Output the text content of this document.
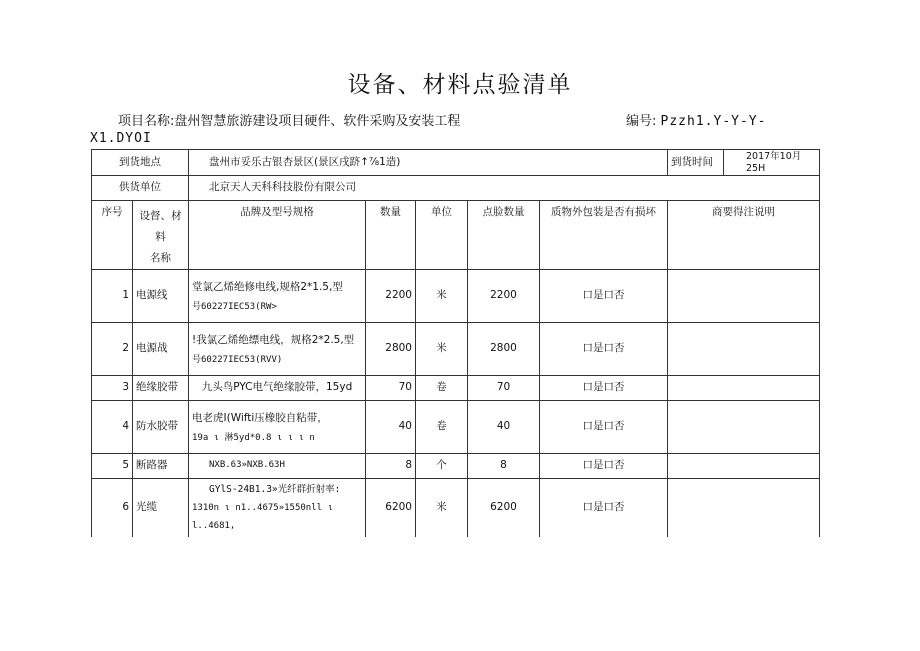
设备、材料点验清单
项目名称:盘州智慧旅游建设项目硬件、软件采购及安装工程	编号: Pzzh1.Y-Y-Y-
X1.DYOI
到货地点		盘州市妥乐古银杏景区(景区戌跻↑⅞1造)					到货时间 2017年10月25H

供货单位		北京天人天科科技股份有限公司					
序号	设督、材料
名称	品牌及型号规格	数量	单位	点脸数量	质物外包装是否有损坏	商要得注说明
1	电源线	堂氯乙烯绝修电线,规格2*1.5,型
号60227IEC53(RW>	2200	米	2200	口是口否	
2	电源战	!我氯乙烯绝缥电线，规格2*2.5,型
号60227IEC53(RVV)	2800	米	2800	口是口否	
3	绝缘胶带	九头鸟PYC电气绝缘胶带，15yd	70	卷	70	口是口否	
4	防水胶带	电老虎I(Wifti压橡胶自粘带，
19a ι 淋5yd*0.8 ι ι ι n	40	卷	40	口是口否	
5	断路器	NXB.63»NXB.63H	8	个	8	口是口否	
6	光缆	GYlS-24B1.3»光纤群折射率:
1310n ι n1..4675»1550nll ι l..4681,	6200	米	6200	口是口否	
